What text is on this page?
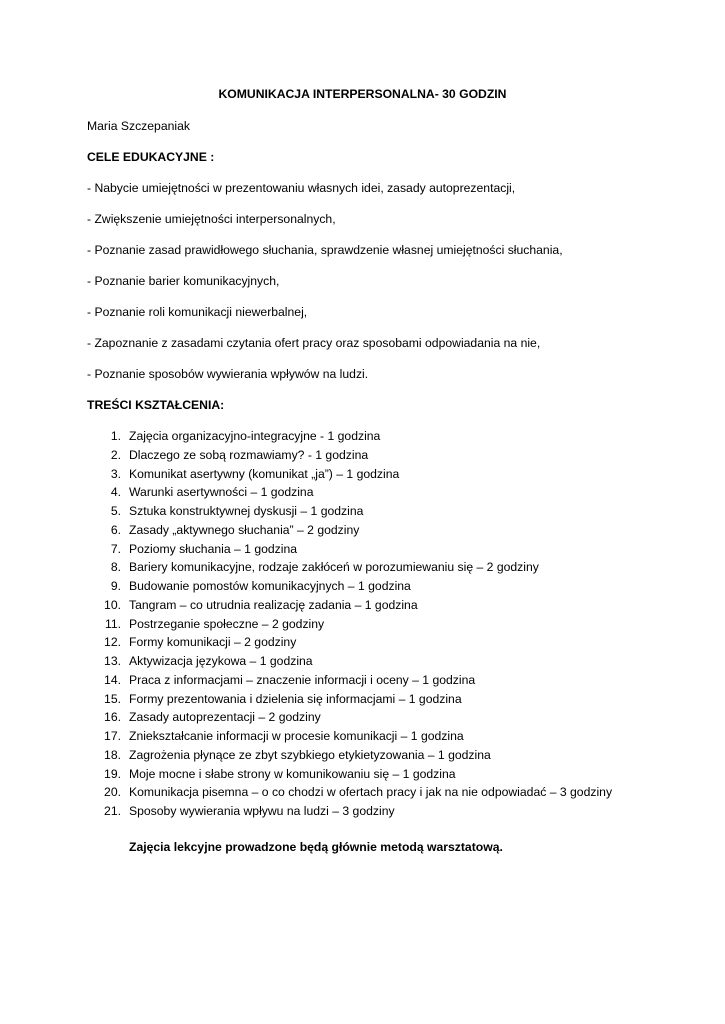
KOMUNIKACJA INTERPERSONALNA- 30 GODZIN
Maria Szczepaniak
CELE EDUKACYJNE :
- Nabycie umiejętności w prezentowaniu własnych idei, zasady autoprezentacji,
- Zwiększenie umiejętności interpersonalnych,
- Poznanie zasad prawidłowego słuchania, sprawdzenie własnej umiejętności słuchania,
- Poznanie barier komunikacyjnych,
- Poznanie roli komunikacji niewerbalnej,
- Zapoznanie z zasadami czytania ofert pracy oraz sposobami odpowiadania na nie,
- Poznanie sposobów wywierania wpływów na ludzi.
TREŚCI KSZTAŁCENIA:
1. Zajęcia organizacyjno-integracyjne - 1 godzina
2. Dlaczego ze sobą rozmawiamy? - 1 godzina
3. Komunikat asertywny (komunikat „ja”) – 1 godzina
4. Warunki asertywności – 1 godzina
5. Sztuka konstruktywnej dyskusji – 1 godzina
6. Zasady „aktywnego słuchania” – 2 godziny
7. Poziomy słuchania – 1 godzina
8. Bariery komunikacyjne, rodzaje zakłóceń w porozumiewaniu się – 2 godziny
9. Budowanie pomostów komunikacyjnych – 1 godzina
10. Tangram – co utrudnia realizację zadania – 1 godzina
11. Postrzeganie społeczne – 2 godziny
12. Formy komunikacji – 2 godziny
13. Aktywizacja językowa – 1 godzina
14. Praca z informacjami – znaczenie informacji i oceny – 1 godzina
15. Formy prezentowania i dzielenia się informacjami – 1 godzina
16. Zasady autoprezentacji – 2 godziny
17. Zniekształcanie informacji w procesie komunikacji – 1 godzina
18. Zagrożenia płynące ze zbyt szybkiego etykietyzowania – 1 godzina
19. Moje mocne i słabe strony w komunikowaniu się – 1 godzina
20. Komunikacja pisemna – o co chodzi w ofertach pracy i jak na nie odpowiadać – 3 godziny
21. Sposoby wywierania wpływu na ludzi – 3 godziny
Zajęcia lekcyjne prowadzone będą głównie metodą warsztatową.
